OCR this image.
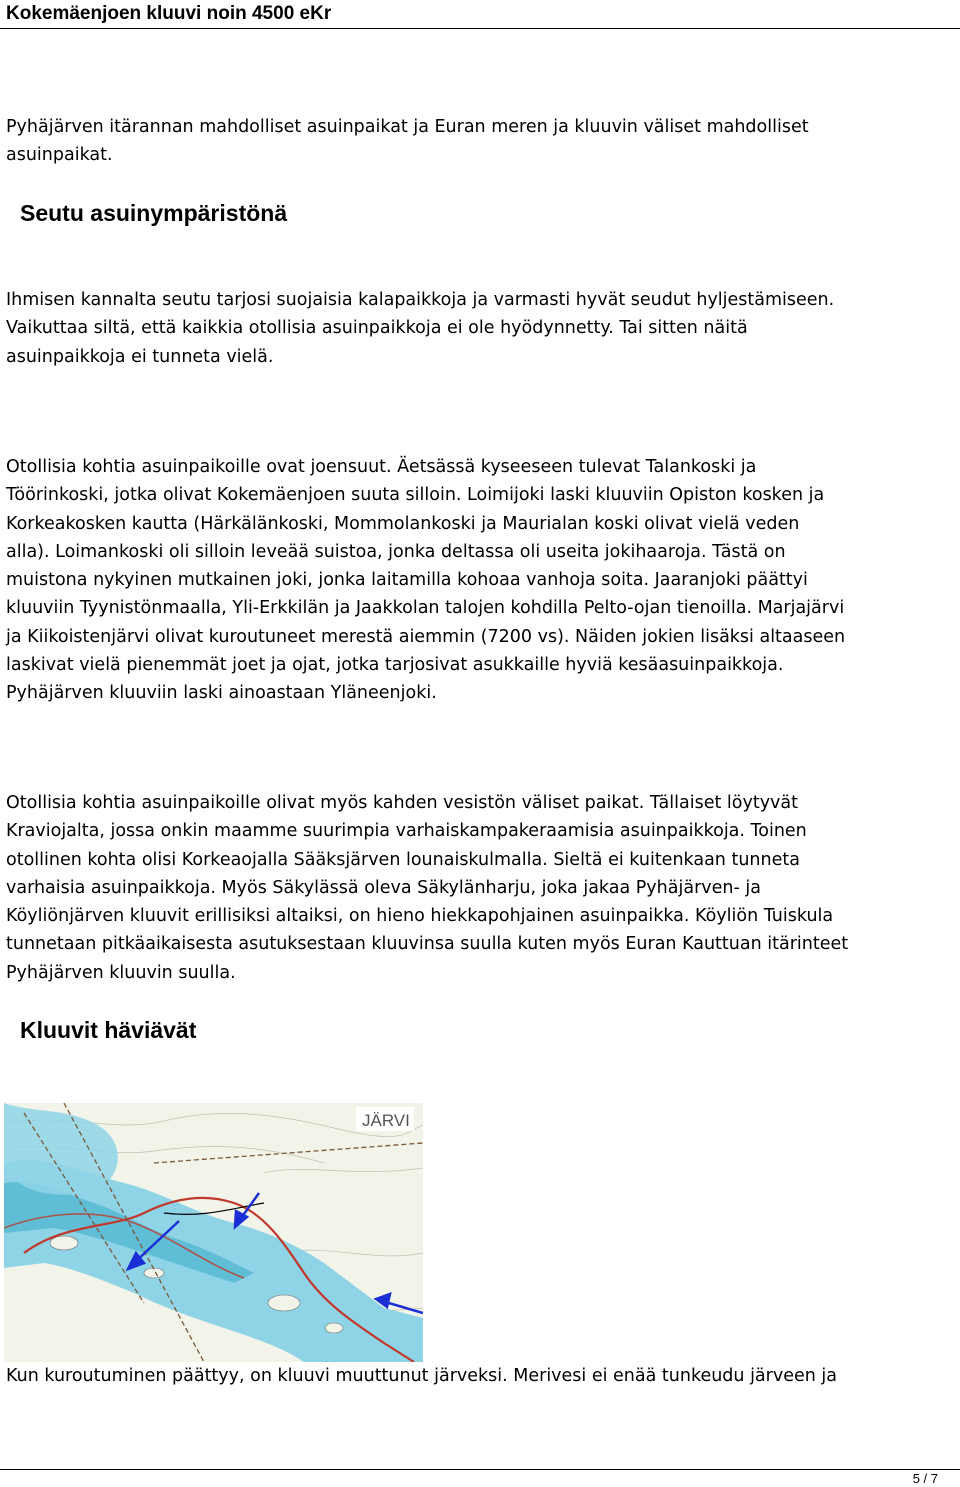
Kokemäenjoen kluuvi noin 4500 eKr

Pyhäjärven itärannan mahdolliset asuinpaikat ja Euran meren ja kluuvin väliset mahdolliset
asuinpaikat.

Seutu asuinympäristönä

Ihmisen kannalta seutu tarjosi suojaisia kalapaikkoja ja varmasti hyvät seudut hyljestämiseen.
Vaikuttaa siltä, että kaikkia otollisia asuinpaikkoja ei ole hyödynnetty. Tai sitten näitä
asuinpaikkoja ei tunneta vielä.

Otollisia kohtia asuinpaikoille ovat joensuut. Äetsässä kyseeseen tulevat Talankoski ja
Töörinkoski, jotka olivat Kokemäenjoen suuta silloin. Loimijoki laski kluuviin Opiston kosken ja
Korkeakosken kautta (Härkälänkoski, Mommolankoski ja Maurialan koski olivat vielä veden
alla). Loimankoski oli silloin leveää suistoa, jonka deltassa oli useita jokihaaroja. Tästä on
muistona nykyinen mutkainen joki, jonka laitamilla kohoaa vanhoja soita. Jaaranjoki päättyi
kluuviin Tyynistönmaalla, Yli-Erkkilän ja Jaakkolan talojen kohdilla Pelto-ojan tienoilla. Marjajärvi
ja Kiikoistenjärvi olivat kuroutuneet merestä aiemmin (7200 vs). Näiden jokien lisäksi altaaseen
laskivat vielä pienemmät joet ja ojat, jotka tarjosivat asukkaille hyviä kesäasuinpaikkoja.
Pyhäjärven kluuviin laski ainoastaan Yläneenjoki.

Otollisia kohtia asuinpaikoille olivat myös kahden vesistön väliset paikat. Tällaiset löytyvät
Kraviojalta, jossa onkin maamme suurimpia varhaiskampakeraamisia asuinpaikkoja. Toinen
otollinen kohta olisi Korkeaojalla Sääksjärven lounaiskulmalla. Sieltä ei kuitenkaan tunneta
varhaisia asuinpaikkoja. Myös Säkylässä oleva Säkylänharju, joka jakaa Pyhäjärven- ja
Köyliönjärven kluuvit erillisiksi altaiksi, on hieno hiekkapohjainen asuinpaikka. Köyliön Tuiskula
tunnetaan pitkäaikaisesta asutuksestaan kluuvinsa suulla kuten myös Euran Kauttuan itärinteet
Pyhäjärven kluuvin suulla.

Kluuvit häviävät
JÄRVI

Kun kuroutuminen päättyy, on kluuvi muuttunut järveksi. Merivesi ei enää tunkeudu järveen ja

5 / 7
